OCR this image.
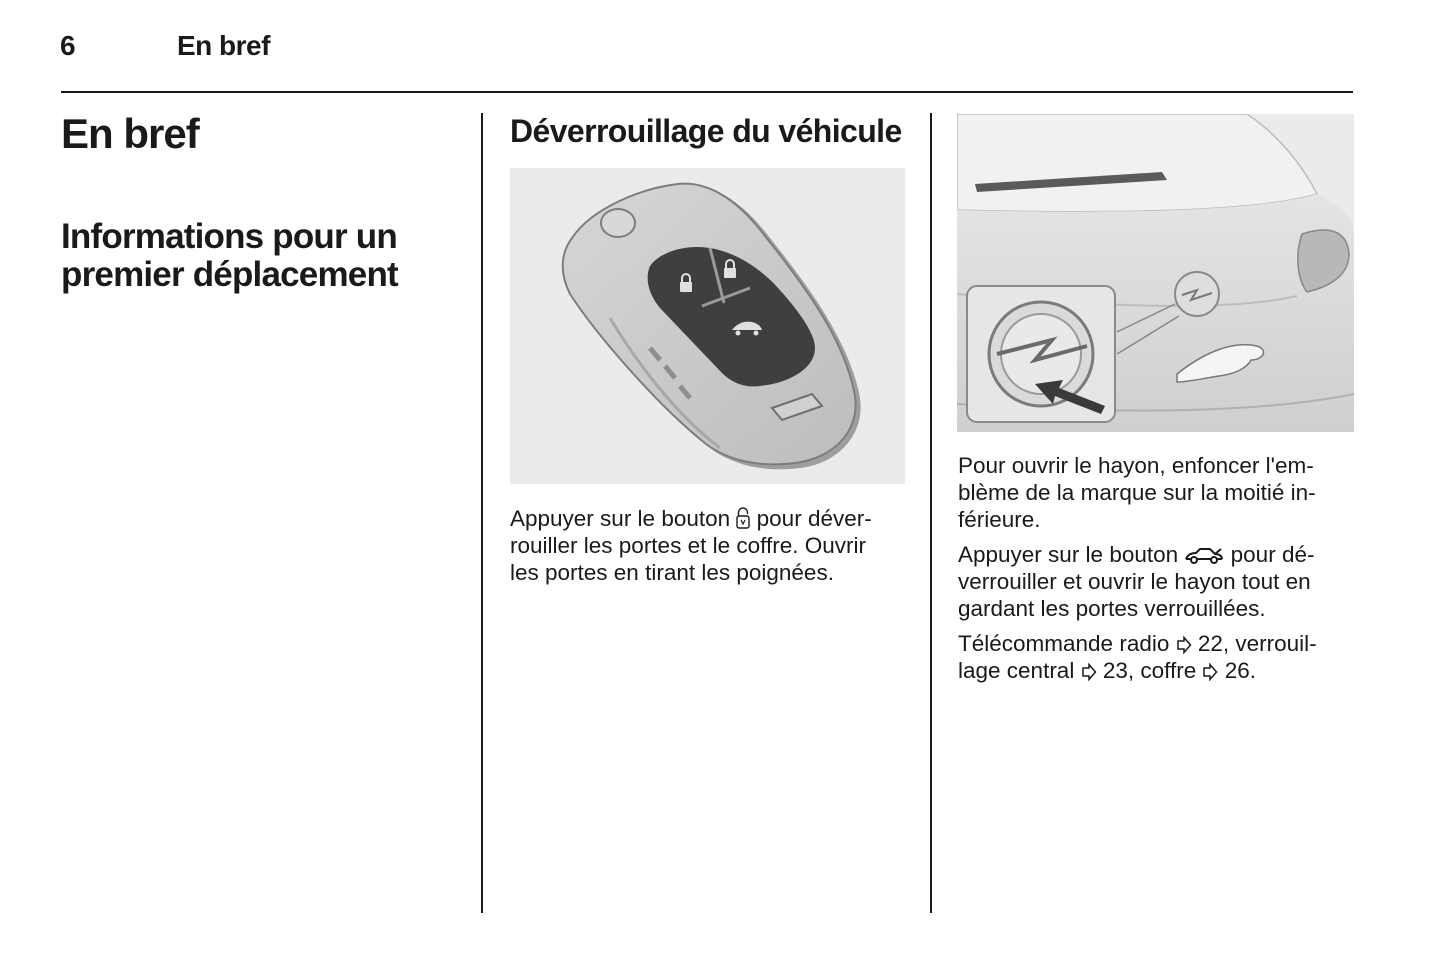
6	En bref
En bref
Informations pour un
premier déplacement
Déverrouillage du véhicule

Appuyer sur le bouton
pour déver-
rouiller les portes et le coffre. Ouvrir
les portes en tirant les poignées.

Pour ouvrir le hayon, enfoncer l'em-
blème de la marque sur la moitié in-
férieure.

Appuyer sur le bouton
pour dé-
verrouiller et ouvrir le hayon tout en
gardant les portes verrouillées.

Télécommande radio
22, verrouil-
lage central
23, coffre
26.
